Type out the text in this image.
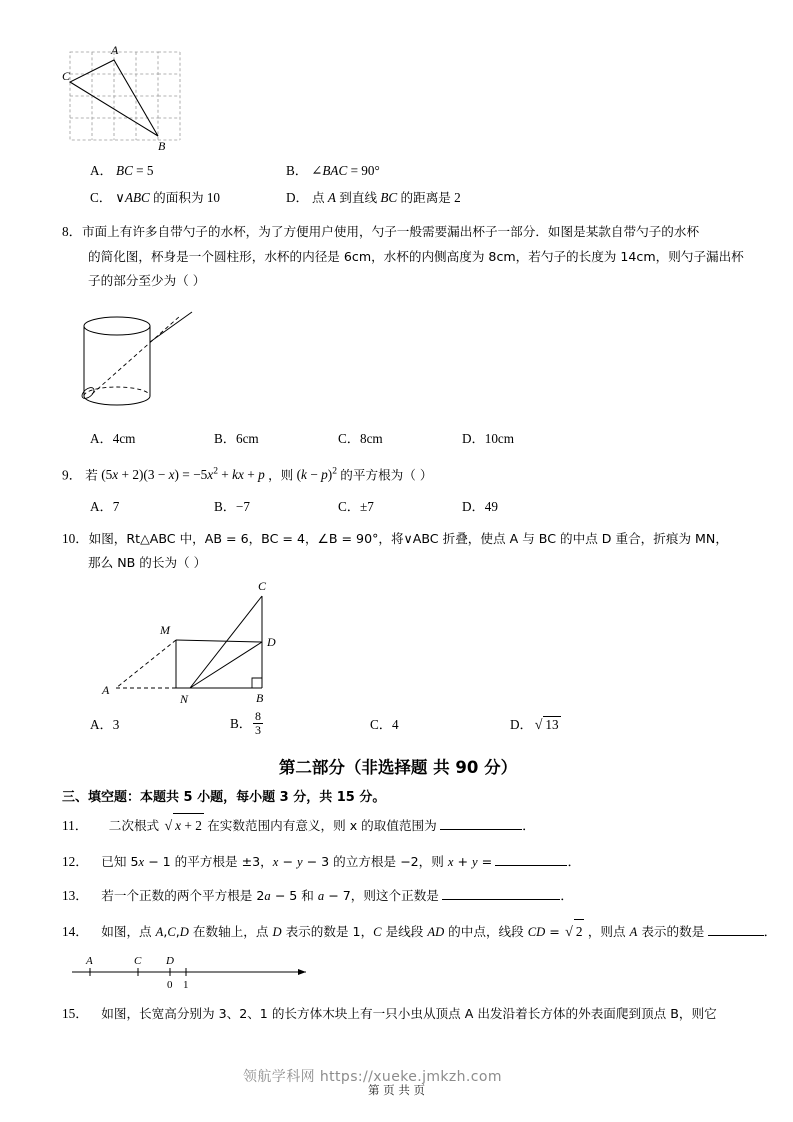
A
C
B
A． BC = 5	B． ∠BAC = 90°
C． ∨ABC 的面积为 10	D． 点 A 到直线 BC 的距离是 2
8．市面上有许多自带勺子的水杯，为了方便用户使用，勺子一般需要漏出杯子一部分．如图是某款自带勺子的水杯
的简化图，杯身是一个圆柱形，水杯的内径是 6cm，水杯的内侧高度为 8cm，若勺子的长度为 14cm，则勺子漏出杯
子的部分至少为（ ）
A．4cm	B．6cm	C．8cm	D．10cm
9． 若 $(5x + 2)(3 - x) = -5x^2$ + kx + p ，则 $(k - p)^2$ 的平方根为（ ）
A．7	B．−7	C．±7	D．49
10．如图，Rt△ABC 中，AB = 6，BC = 4，∠B = 90°，将∨ABC 折叠，使点 A 与 BC 的中点 D 重合，折痕为 MN，
那么 NB 的长为（ ）
C
D
B
M
N
A
A．3	B． $\frac{8}{3}$	C．4	D． √ 13
第二部分（非选择题 共 90 分）
三、填空题：本题共 5 小题，每小题 3 分，共 15 分。
11． 二次根式 √ x + 2 在实数范围内有意义，则 x 的取值范围为	．
12． 已知 5x − 1 的平方根是 ±3，x − y − 3 的立方根是 −2，则 x + y =	．
13． 若一个正数的两个平方根是 2a − 5 和 a − 7，则这个正数是	．
14． 如图，点 A,C,D 在数轴上，点 D 表示的数是 1，C 是线段 AD 的中点，线段 CD = √ 2 ，则点 A 表示的数是	．
A	C D
0 1
15． 如图，长宽高分别为 3、2、1 的长方体木块上有一只小虫从顶点 A 出发沿着长方体的外表面爬到顶点 B，则它
领航学科网 https://xueke.jmkzh.com
第 页 共 页
